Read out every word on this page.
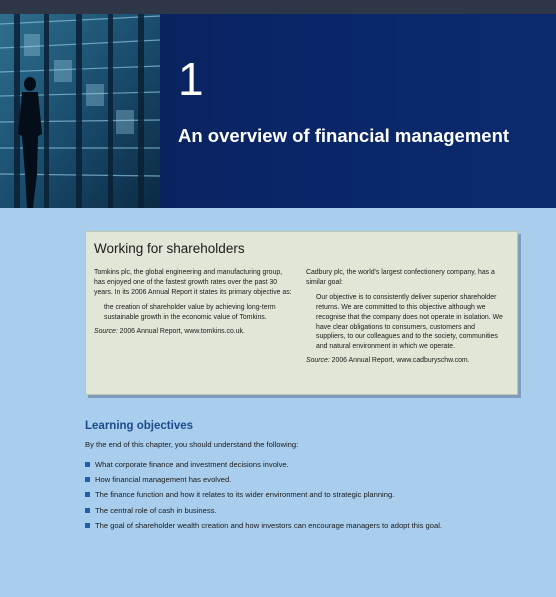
1
An overview of financial management
Working for shareholders

Tomkins plc, the global engineering and manufacturing group, has enjoyed one of the fastest growth rates over the past 30 years. In its 2006 Annual Report it states its primary objective as:

the creation of shareholder value by achieving long-term sustainable growth in the economic value of Tomkins.

Source: 2006 Annual Report, www.tomkins.co.uk.

Cadbury plc, the world's largest confectionery company, has a similar goal:

Our objective is to consistently deliver superior shareholder returns. We are committed to this objective although we recognise that the company does not operate in isolation. We have clear obligations to consumers, customers and suppliers, to our colleagues and to the society, communities and natural environment in which we operate.

Source: 2006 Annual Report, www.cadburyschw.com.

Learning objectives
By the end of this chapter, you should understand the following:
What corporate finance and investment decisions involve.
How financial management has evolved.
The finance function and how it relates to its wider environment and to strategic planning.
The central role of cash in business.
The goal of shareholder wealth creation and how investors can encourage managers to adopt this goal.
